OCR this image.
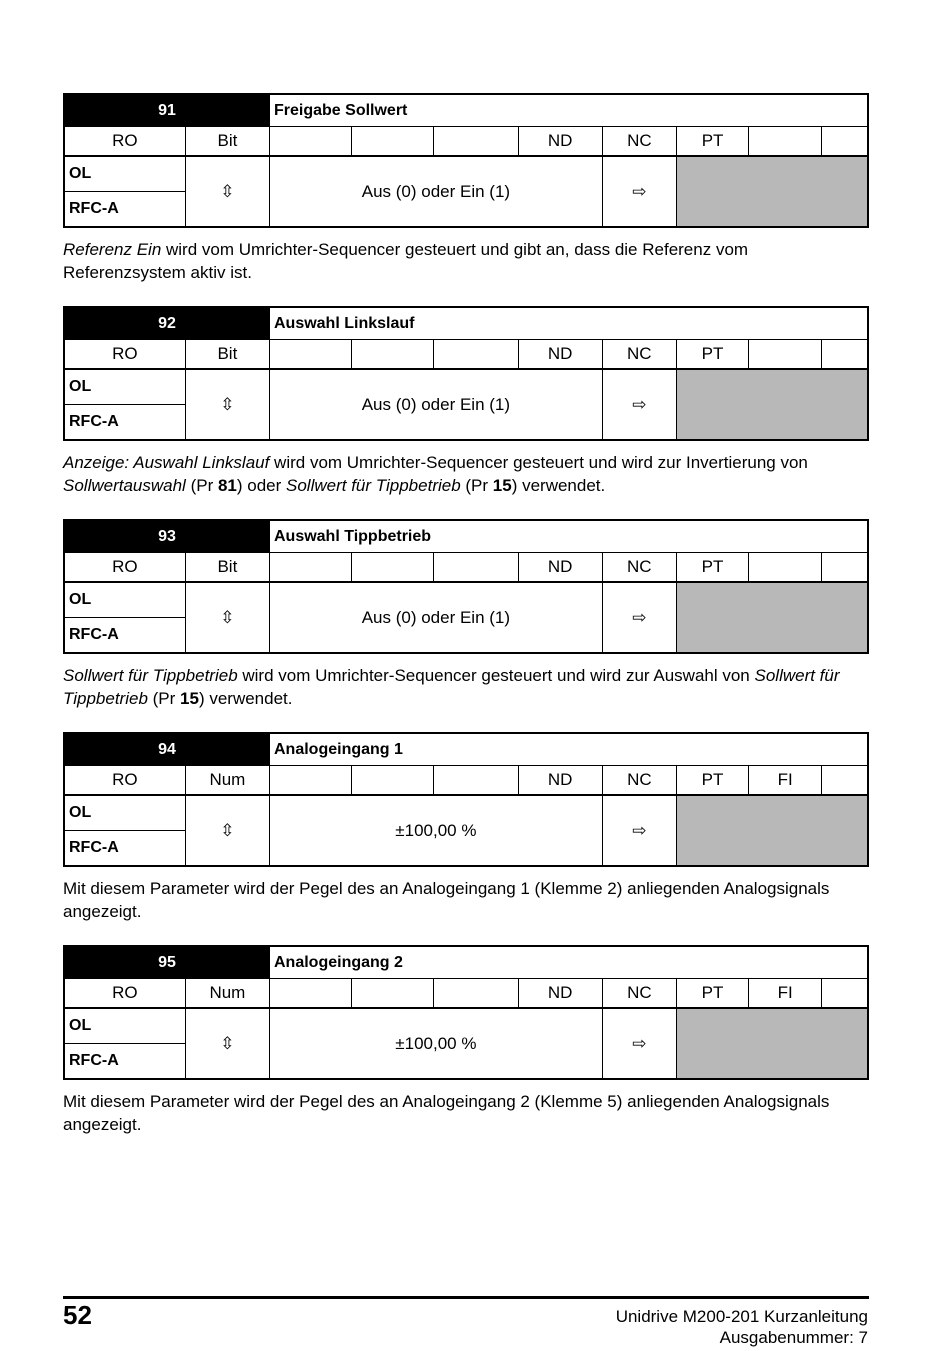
91		Freigabe Sollwert							
RO	Bit				ND	NC	PT		
OL	⇳	Aus (0) oder Ein (1)				⇨			
RFC-A									
Referenz Ein wird vom Umrichter-Sequencer gesteuert und gibt an, dass die Referenz vom Referenzsystem aktiv ist.
92		Auswahl Linkslauf							
RO	Bit				ND	NC	PT		
OL	⇳	Aus (0) oder Ein (1)				⇨			
RFC-A									
Anzeige: Auswahl Linkslauf wird vom Umrichter-Sequencer gesteuert und wird zur Invertierung von Sollwertauswahl (Pr 81) oder Sollwert für Tippbetrieb (Pr 15) verwendet.
93		Auswahl Tippbetrieb							
RO	Bit				ND	NC	PT		
OL	⇳	Aus (0) oder Ein (1)				⇨			
RFC-A									
Sollwert für Tippbetrieb wird vom Umrichter-Sequencer gesteuert und wird zur Auswahl von Sollwert für Tippbetrieb (Pr 15) verwendet.
94		Analogeingang 1							
RO	Num				ND	NC	PT	FI	
OL	⇳	±100,00 %				⇨			
RFC-A									
Mit diesem Parameter wird der Pegel des an Analogeingang 1 (Klemme 2) anliegenden Analogsignals angezeigt.
95		Analogeingang 2							
RO	Num				ND	NC	PT	FI	
OL	⇳	±100,00 %				⇨			
RFC-A									
Mit diesem Parameter wird der Pegel des an Analogeingang 2 (Klemme 5) anliegenden Analogsignals angezeigt.
52	Unidrive M200-201 Kurzanleitung
Ausgabenummer: 7
